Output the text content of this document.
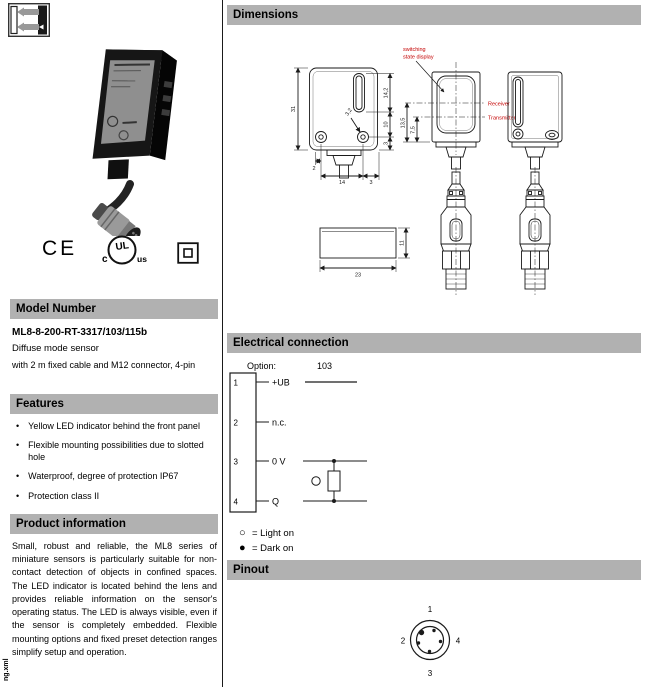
CE	UL
c	us
Model Number
ML8-8-200-RT-3317/103/115b
Diffuse mode sensor
with 2 m fixed cable and M12 connector, 4-pin
Features
• Yellow LED indicator behind the front panel
• Flexible mounting possibilities due to slotted hole
• Waterproof, degree of protection IP67
• Protection class II
Product information
Small, robust and reliable, the ML8 series of miniature sensors is particularly suitable for non-contact detection of objects in confined spaces. The LED indicator is located behind the lens and provides reliable information on the sensor's operating status. The LED is always visible, even if the sensor is completely embedded. Flexible mounting options and fixed preset detection ranges simplify setup and operation.
ng.xml
Dimensions
3,2
31
14,2
10
3
2
14	3
switching
state display
Receiver
Transmitter
13,5
7,5
23
11
Electrical connection
Option:	103
1	+UB
2	n.c.
3	0 V
4	Q
○ = Light on
● = Dark on
Pinout
1
2
3
4
